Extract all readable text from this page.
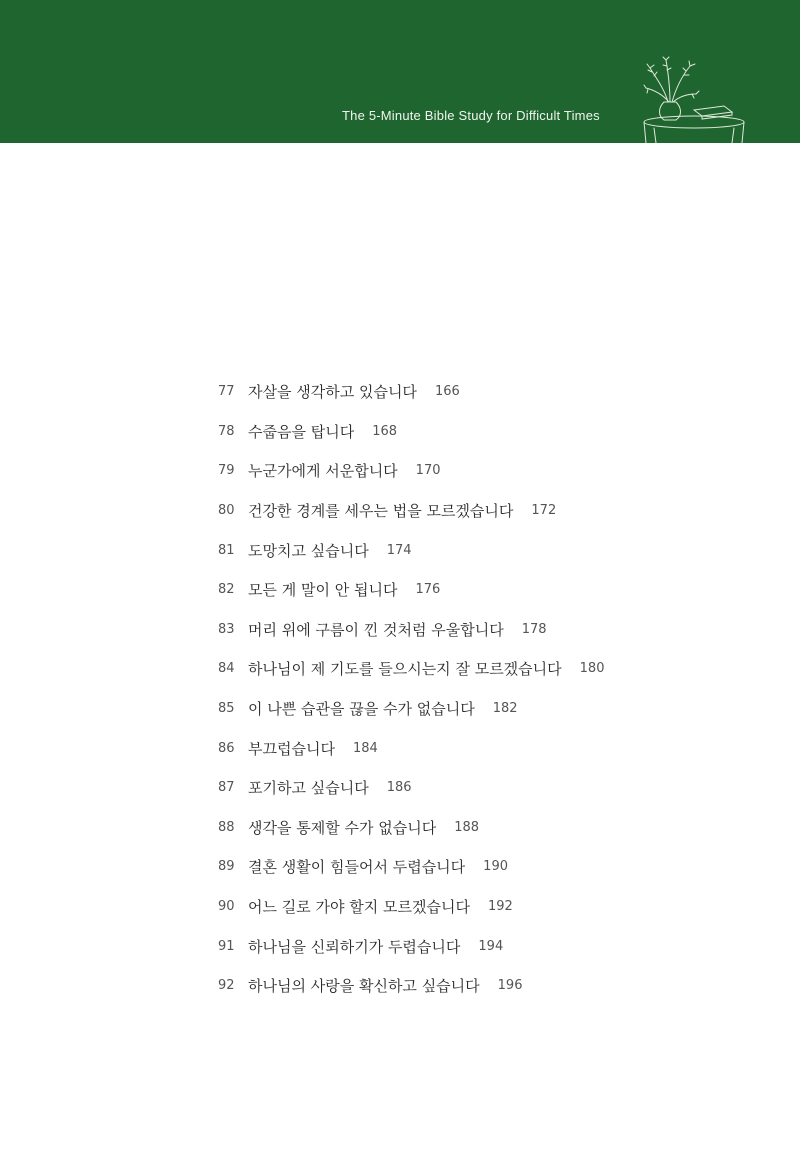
The 5-Minute Bible Study for Difficult Times
77 자살을 생각하고 있습니다 166
78 수줍음을 탑니다 168
79 누군가에게 서운합니다 170
80 건강한 경계를 세우는 법을 모르겠습니다 172
81 도망치고 싶습니다 174
82 모든 게 말이 안 됩니다 176
83 머리 위에 구름이 낀 것처럼 우울합니다 178
84 하나님이 제 기도를 들으시는지 잘 모르겠습니다 180
85 이 나쁜 습관을 끊을 수가 없습니다 182
86 부끄럽습니다 184
87 포기하고 싶습니다 186
88 생각을 통제할 수가 없습니다 188
89 결혼 생활이 힘들어서 두렵습니다 190
90 어느 길로 가야 할지 모르겠습니다 192
91 하나님을 신뢰하기가 두렵습니다 194
92 하나님의 사랑을 확신하고 싶습니다 196
